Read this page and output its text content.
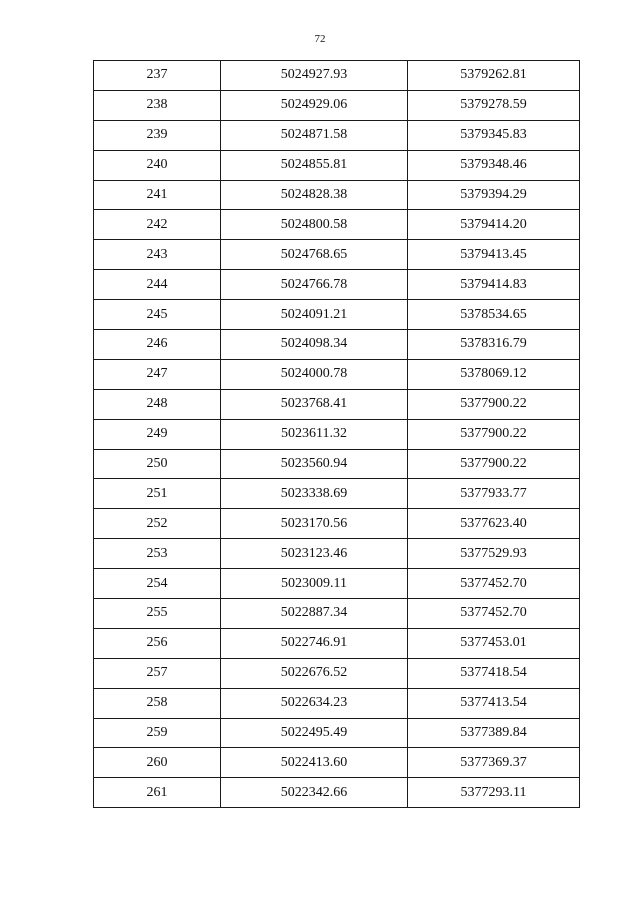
72
237	5024927.93	5379262.81
238	5024929.06	5379278.59
239	5024871.58	5379345.83
240	5024855.81	5379348.46
241	5024828.38	5379394.29
242	5024800.58	5379414.20
243	5024768.65	5379413.45
244	5024766.78	5379414.83
245	5024091.21	5378534.65
246	5024098.34	5378316.79
247	5024000.78	5378069.12
248	5023768.41	5377900.22
249	5023611.32	5377900.22
250	5023560.94	5377900.22
251	5023338.69	5377933.77
252	5023170.56	5377623.40
253	5023123.46	5377529.93
254	5023009.11	5377452.70
255	5022887.34	5377452.70
256	5022746.91	5377453.01
257	5022676.52	5377418.54
258	5022634.23	5377413.54
259	5022495.49	5377389.84
260	5022413.60	5377369.37
261	5022342.66	5377293.11
